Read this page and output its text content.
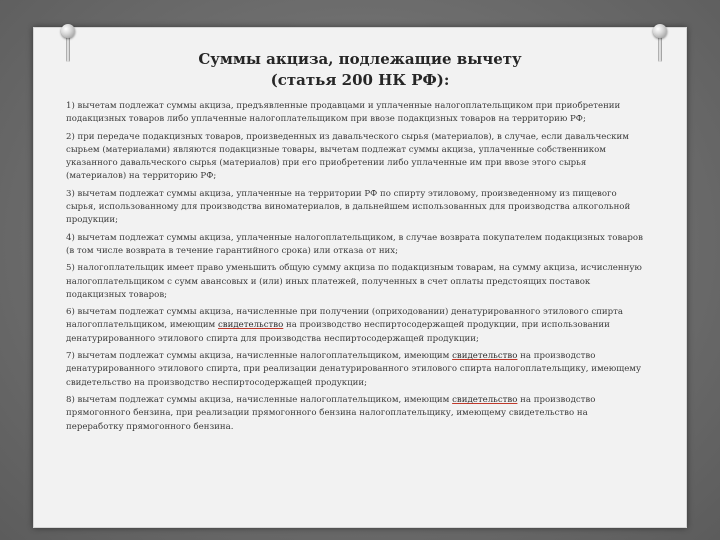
Суммы акциза, подлежащие вычету
(статья 200 НК РФ):

1) вычетам подлежат суммы акциза, предъявленные продавцами и уплаченные налогоплательщиком при приобретении подакцизных товаров либо уплаченные налогоплательщиком при ввозе подакцизных товаров на территорию РФ;

2) при передаче подакцизных товаров, произведенных из давальческого сырья (материалов), в случае, если давальческим сырьем (материалами) являются подакцизные товары, вычетам подлежат суммы акциза, уплаченные собственником указанного давальческого сырья (материалов) при его приобретении либо уплаченные им при ввозе этого сырья (материалов) на территорию РФ;

3) вычетам подлежат суммы акциза, уплаченные на территории РФ по спирту этиловому, произведенному из пищевого сырья, использованному для производства виноматериалов, в дальнейшем использованных для производства алкогольной продукции;

4) вычетам подлежат суммы акциза, уплаченные налогоплательщиком, в случае возврата покупателем подакцизных товаров (в том числе возврата в течение гарантийного срока) или отказа от них;

5) налогоплательщик имеет право уменьшить общую сумму акциза по подакцизным товарам, на сумму акциза, исчисленную налогоплательщиком с сумм авансовых и (или) иных платежей, полученных в счет оплаты предстоящих поставок подакцизных товаров;

6) вычетам подлежат суммы акциза, начисленные при получении (оприходовании) денатурированного этилового спирта налогоплательщиком, имеющим свидетельство на производство неспиртосодержащей продукции, при использовании денатурированного этилового спирта для производства неспиртосодержащей продукции;

7) вычетам подлежат суммы акциза, начисленные налогоплательщиком, имеющим свидетельство на производство денатурированного этилового спирта, при реализации денатурированного этилового спирта налогоплательщику, имеющему свидетельство на производство неспиртосодержащей продукции;

8) вычетам подлежат суммы акциза, начисленные налогоплательщиком, имеющим свидетельство на производство прямогонного бензина, при реализации прямогонного бензина налогоплательщику, имеющему свидетельство на переработку прямогонного бензина.
